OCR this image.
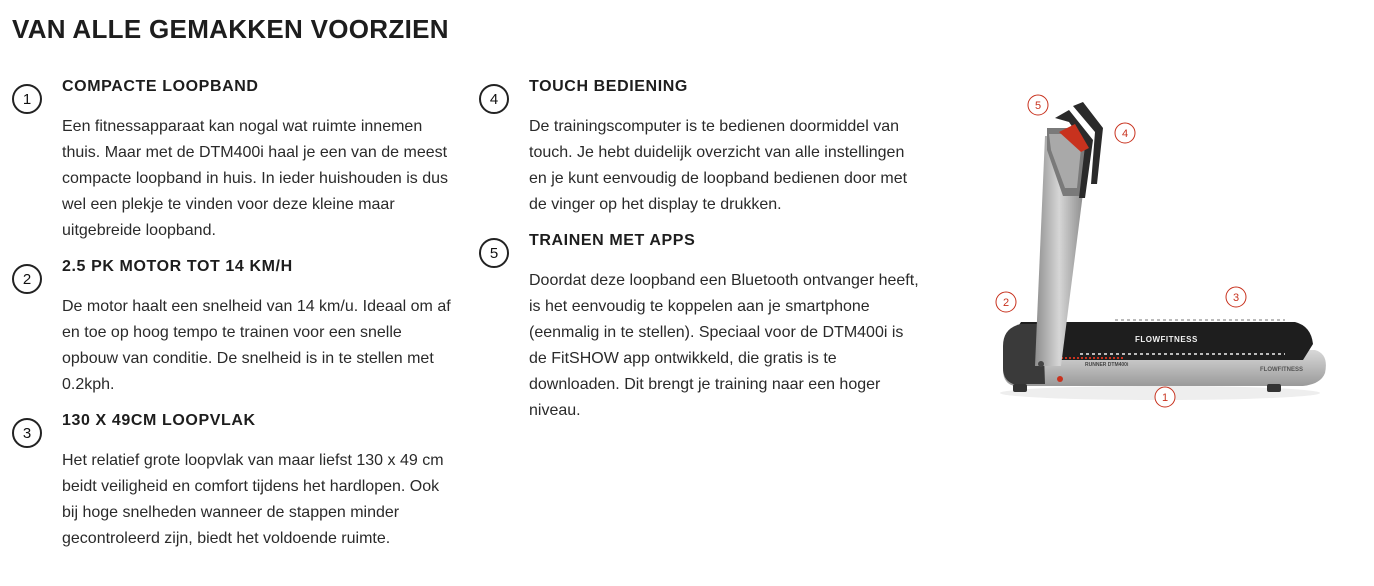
VAN ALLE GEMAKKEN VOORZIEN
1
COMPACTE LOOPBAND

Een fitnessapparaat kan nogal wat ruimte innemen thuis. Maar met de DTM400i haal je een van de meest compacte loopband in huis. In ieder huishouden is dus wel een plekje te vinden voor deze kleine maar uitgebreide loopband.

2
2.5 PK MOTOR TOT 14 KM/H

De motor haalt een snelheid van 14 km/u. Ideaal om af en toe op hoog tempo te trainen voor een snelle opbouw van conditie. De snelheid is in te stellen met 0.2kph.

3
130 X 49CM LOOPVLAK

Het relatief grote loopvlak van maar liefst 130 x 49 cm beidt veiligheid en comfort tijdens het hardlopen. Ook bij hoge snelheden wanneer de stappen minder gecontroleerd zijn, biedt het voldoende ruimte.

4
TOUCH BEDIENING

De trainingscomputer is te bedienen doormiddel van touch. Je hebt duidelijk overzicht van alle instellingen en je kunt eenvoudig de loopband bedienen door met de vinger op het display te drukken.

5
TRAINEN MET APPS

Doordat deze loopband een Bluetooth ontvanger heeft, is het eenvoudig te koppelen aan je smartphone (eenmalig in te stellen). Speciaal voor de DTM400i is de FitSHOW app ontwikkeld, die gratis is te downloaden. Dit brengt je training naar een hoger niveau.

FLOWFITNESS
FLOWFITNESS
RUNNER DTM400i
1
2	3
4
5
